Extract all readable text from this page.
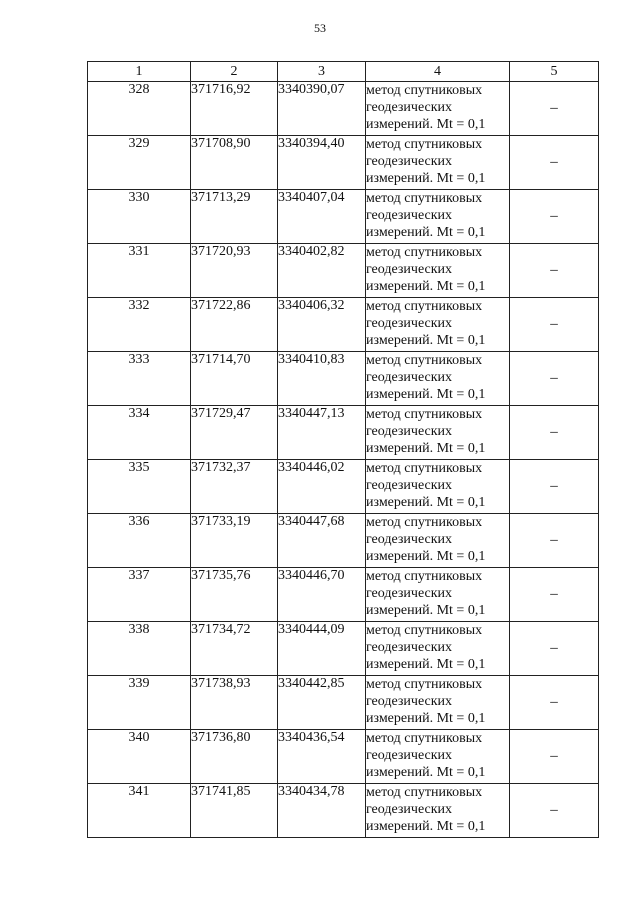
53
1	2	3	4	5
328	371716,92	3340390,07	метод спутниковых геодезических измерений. Mt = 0,1	–
329	371708,90	3340394,40	метод спутниковых геодезических измерений. Mt = 0,1	–
330	371713,29	3340407,04	метод спутниковых геодезических измерений. Mt = 0,1	–
331	371720,93	3340402,82	метод спутниковых геодезических измерений. Mt = 0,1	–
332	371722,86	3340406,32	метод спутниковых геодезических измерений. Mt = 0,1	–
333	371714,70	3340410,83	метод спутниковых геодезических измерений. Mt = 0,1	–
334	371729,47	3340447,13	метод спутниковых геодезических измерений. Mt = 0,1	–
335	371732,37	3340446,02	метод спутниковых геодезических измерений. Mt = 0,1	–
336	371733,19	3340447,68	метод спутниковых геодезических измерений. Mt = 0,1	–
337	371735,76	3340446,70	метод спутниковых геодезических измерений. Mt = 0,1	–
338	371734,72	3340444,09	метод спутниковых геодезических измерений. Mt = 0,1	–
339	371738,93	3340442,85	метод спутниковых геодезических измерений. Mt = 0,1	–
340	371736,80	3340436,54	метод спутниковых геодезических измерений. Mt = 0,1	–
341	371741,85	3340434,78	метод спутниковых геодезических измерений. Mt = 0,1	–
